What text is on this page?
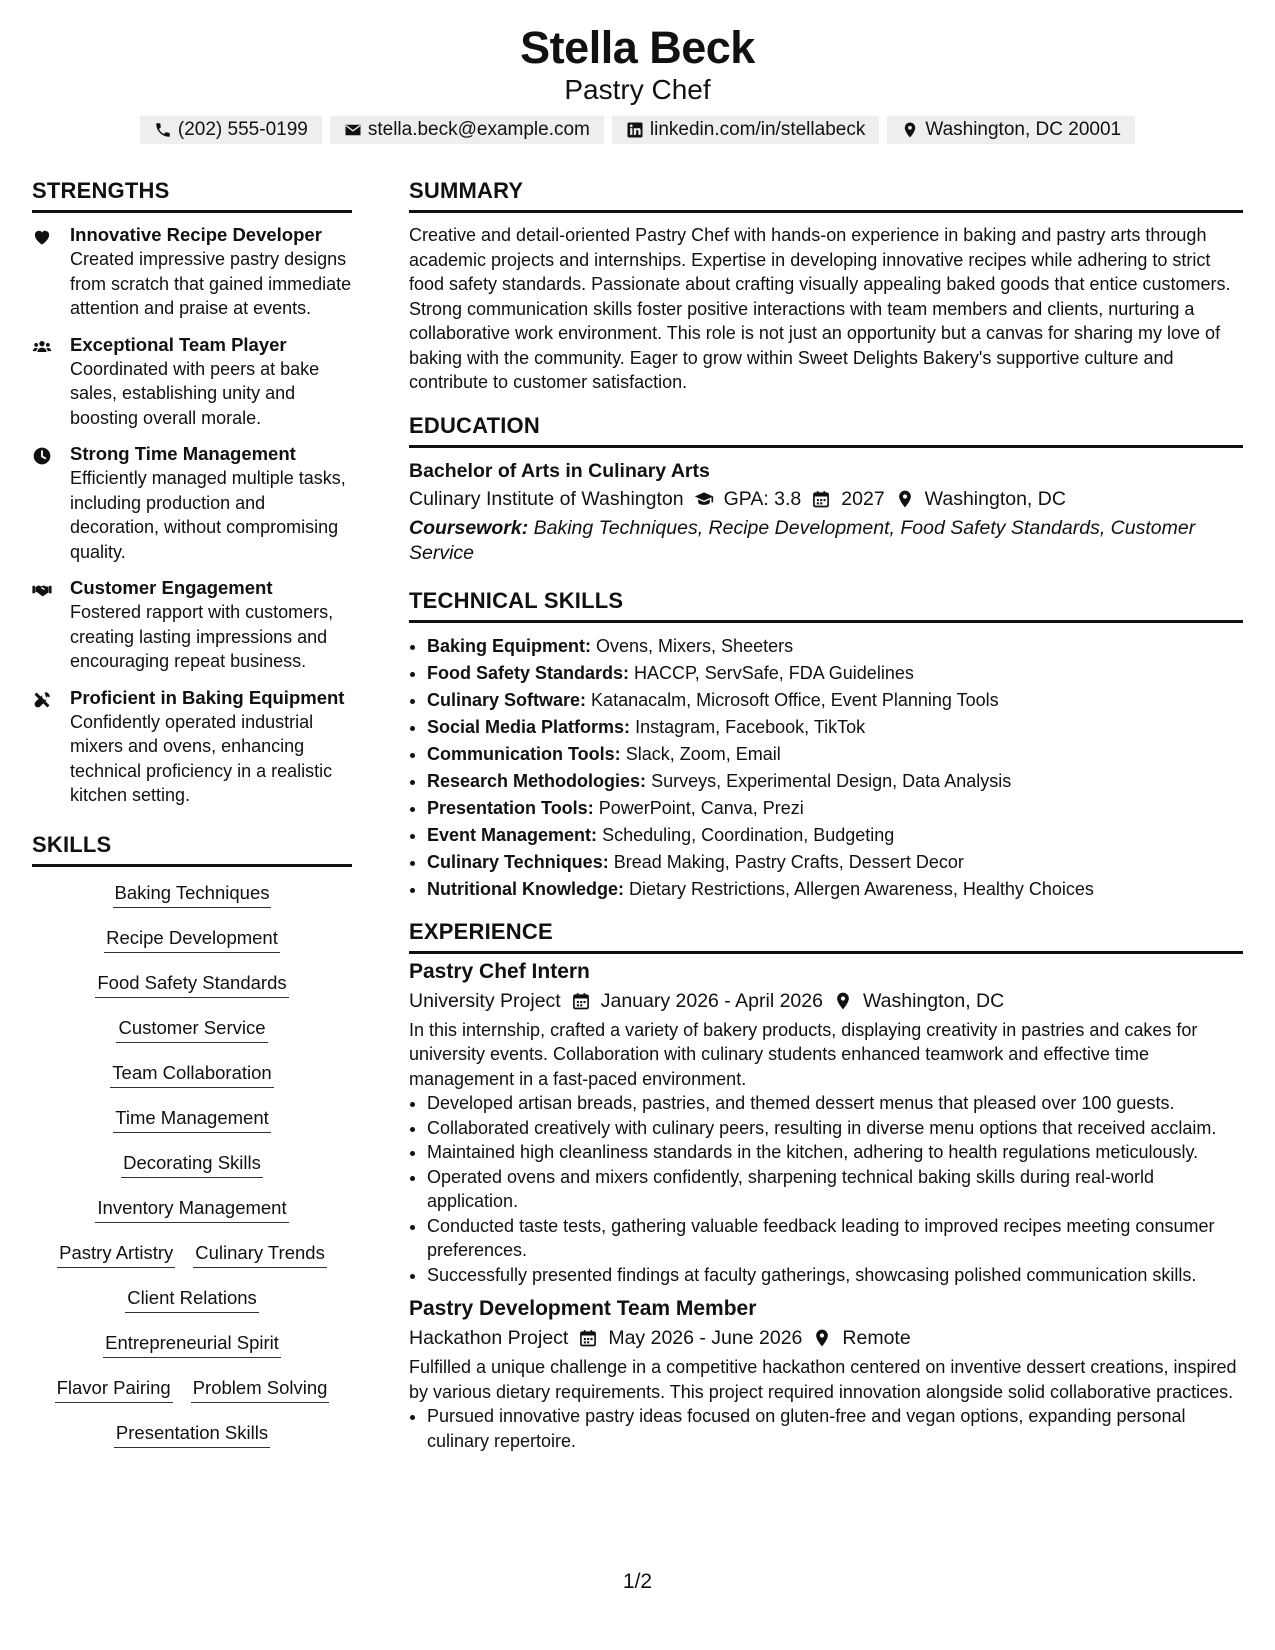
Stella Beck
Pastry Chef
(202) 555-0199	stella.beck@example.com	linkedin.com/in/stellabeck	Washington, DC 20001
STRENGTHS
Innovative Recipe Developer
Created impressive pastry designs from scratch that gained immediate attention and praise at events.
Exceptional Team Player
Coordinated with peers at bake sales, establishing unity and boosting overall morale.
Strong Time Management
Efficiently managed multiple tasks, including production and decoration, without compromising quality.
Customer Engagement
Fostered rapport with customers, creating lasting impressions and encouraging repeat business.
Proficient in Baking Equipment
Confidently operated industrial mixers and ovens, enhancing technical proficiency in a realistic kitchen setting.
SKILLS
Baking Techniques
Recipe Development
Food Safety Standards
Customer Service
Team Collaboration
Time Management
Decorating Skills
Inventory Management
Pastry Artistry Culinary Trends
Client Relations
Entrepreneurial Spirit
Flavor Pairing Problem Solving
Presentation Skills
SUMMARY
Creative and detail-oriented Pastry Chef with hands-on experience in baking and pastry arts through academic projects and internships. Expertise in developing innovative recipes while adhering to strict food safety standards. Passionate about crafting visually appealing baked goods that entice customers. Strong communication skills foster positive interactions with team members and clients, nurturing a collaborative work environment. This role is not just an opportunity but a canvas for sharing my love of baking with the community. Eager to grow within Sweet Delights Bakery's supportive culture and contribute to customer satisfaction.
EDUCATION
Bachelor of Arts in Culinary Arts
Culinary Institute of Washington GPA: 3.8 2027 Washington, DC
Coursework: Baking Techniques, Recipe Development, Food Safety Standards, Customer Service
TECHNICAL SKILLS
• Baking Equipment: Ovens, Mixers, Sheeters
• Food Safety Standards: HACCP, ServSafe, FDA Guidelines
• Culinary Software: Katanacalm, Microsoft Office, Event Planning Tools
• Social Media Platforms: Instagram, Facebook, TikTok
• Communication Tools: Slack, Zoom, Email
• Research Methodologies: Surveys, Experimental Design, Data Analysis
• Presentation Tools: PowerPoint, Canva, Prezi
• Event Management: Scheduling, Coordination, Budgeting
• Culinary Techniques: Bread Making, Pastry Crafts, Dessert Decor
• Nutritional Knowledge: Dietary Restrictions, Allergen Awareness, Healthy Choices
EXPERIENCE
Pastry Chef Intern
University Project January 2026 - April 2026 Washington, DC
In this internship, crafted a variety of bakery products, displaying creativity in pastries and cakes for university events. Collaboration with culinary students enhanced teamwork and effective time management in a fast-paced environment.
• Developed artisan breads, pastries, and themed dessert menus that pleased over 100 guests.
• Collaborated creatively with culinary peers, resulting in diverse menu options that received acclaim.
• Maintained high cleanliness standards in the kitchen, adhering to health regulations meticulously.
• Operated ovens and mixers confidently, sharpening technical baking skills during real-world application.
• Conducted taste tests, gathering valuable feedback leading to improved recipes meeting consumer preferences.
• Successfully presented findings at faculty gatherings, showcasing polished communication skills.
Pastry Development Team Member
Hackathon Project May 2026 - June 2026 Remote
Fulfilled a unique challenge in a competitive hackathon centered on inventive dessert creations, inspired by various dietary requirements. This project required innovation alongside solid collaborative practices.
• Pursued innovative pastry ideas focused on gluten-free and vegan options, expanding personal culinary repertoire.
1/2
